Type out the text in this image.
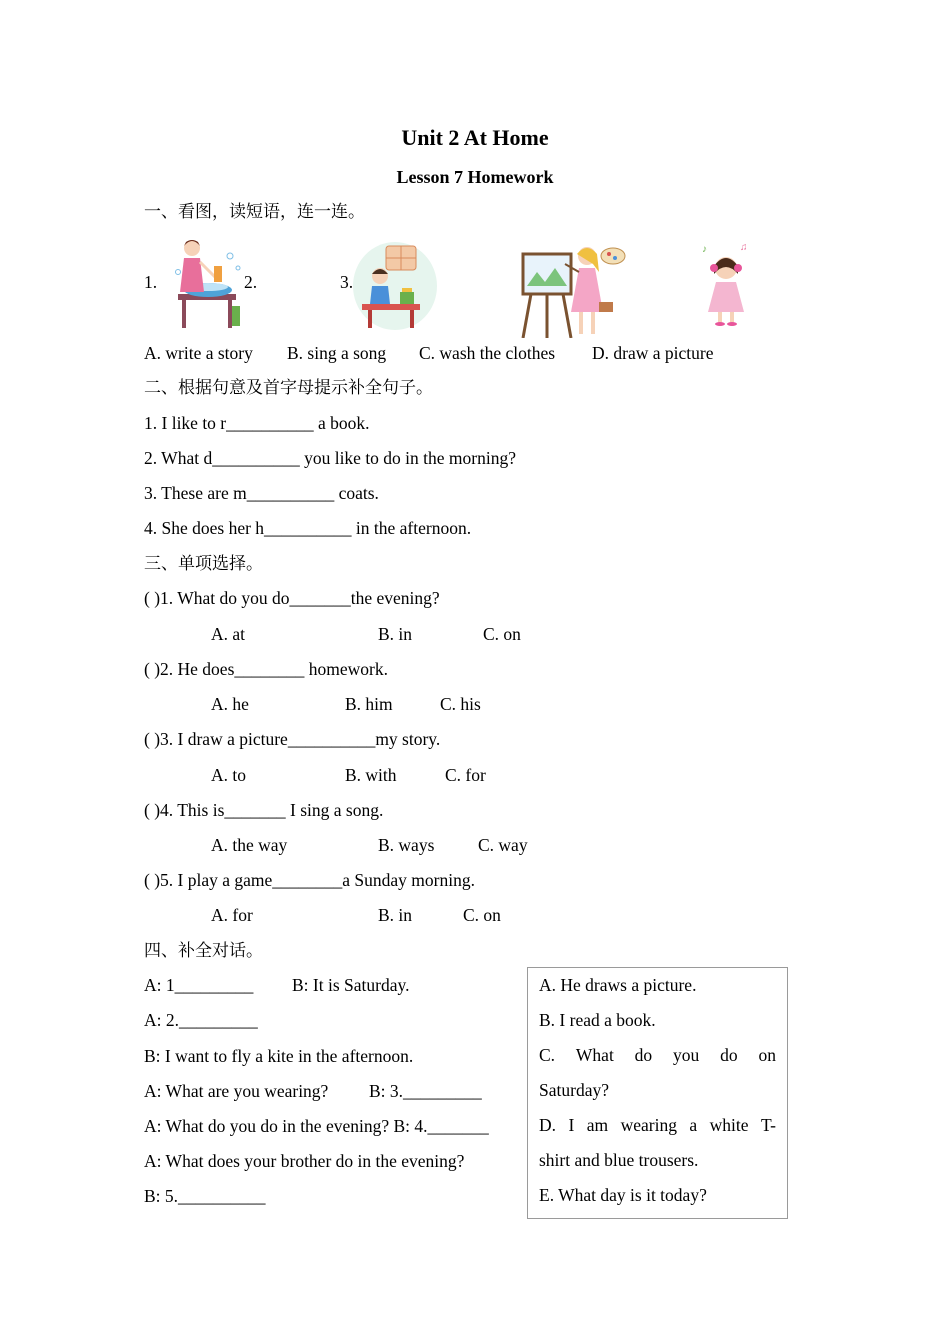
Unit 2 At Home
Lesson 7 Homework
一、看图，读短语，连一连。
1.	2.	3.
♪	♫
A. write a story B. sing a song C. wash the clothes D. draw a picture
二、根据句意及首字母提示补全句子。
1. I like to r__________ a book.
2. What d__________ you like to do in the morning?
3. These are m__________ coats.
4. She does her h__________ in the afternoon.
三、单项选择。
( )1. What do you do_______the evening?
A. at	B. in	C. on
( )2. He does________ homework.
A. he	B. him	C. his
( )3. I draw a picture__________my story.
A. to	B. with	C. for
( )4. This is_______ I sing a song.
A. the way	B. ways C. way
( )5. I play a game________a Sunday morning.
A. for	B. in	C. on
四、补全对话。
A: 1_________ B: It is Saturday.
A: 2._________
B: I want to fly a kite in the afternoon.
A: What are you wearing? B: 3._________
A: What do you do in the evening? B: 4._______
A: What does your brother do in the evening?
B: 5.__________
A. He draws a picture.
B. I read a book.
C. What do you do on
Saturday?
D. I am wearing a white T-
shirt and blue trousers.
E. What day is it today?
